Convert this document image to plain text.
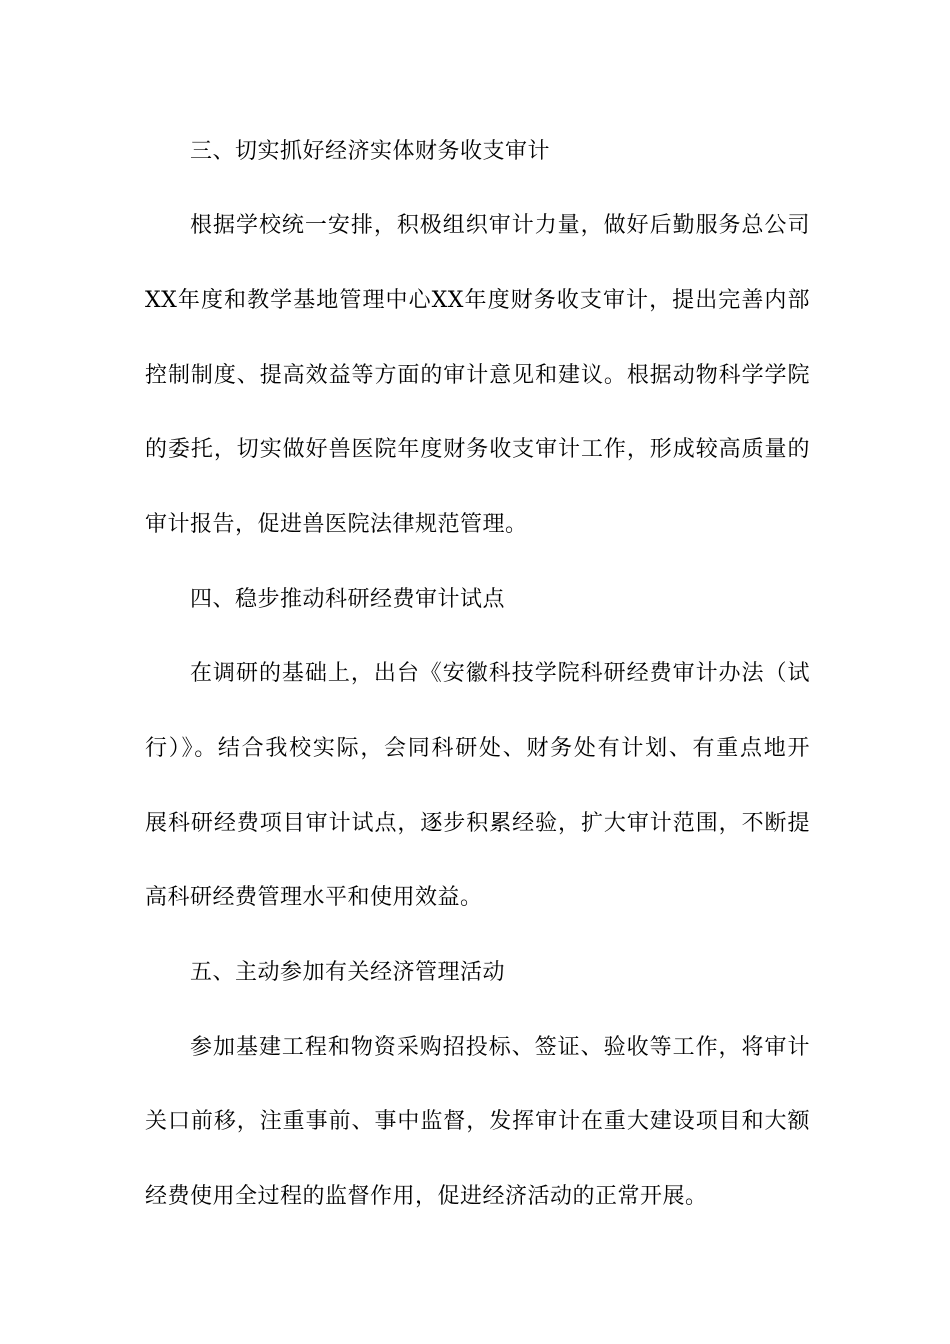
三、切实抓好经济实体财务收支审计
根据学校统一安排，积极组织审计力量，做好后勤服务总公司
XX年度和教学基地管理中心XX年度财务收支审计，提出完善内部
控制制度、提高效益等方面的审计意见和建议。根据动物科学学院
的委托，切实做好兽医院年度财务收支审计工作，形成较高质量的
审计报告，促进兽医院法律规范管理。
四、稳步推动科研经费审计试点
在调研的基础上，出台《安徽科技学院科研经费审计办法（试
行）》。结合我校实际，会同科研处、财务处有计划、有重点地开
展科研经费项目审计试点，逐步积累经验，扩大审计范围，不断提
高科研经费管理水平和使用效益。
五、主动参加有关经济管理活动
参加基建工程和物资采购招投标、签证、验收等工作，将审计
关口前移，注重事前、事中监督，发挥审计在重大建设项目和大额
经费使用全过程的监督作用，促进经济活动的正常开展。
